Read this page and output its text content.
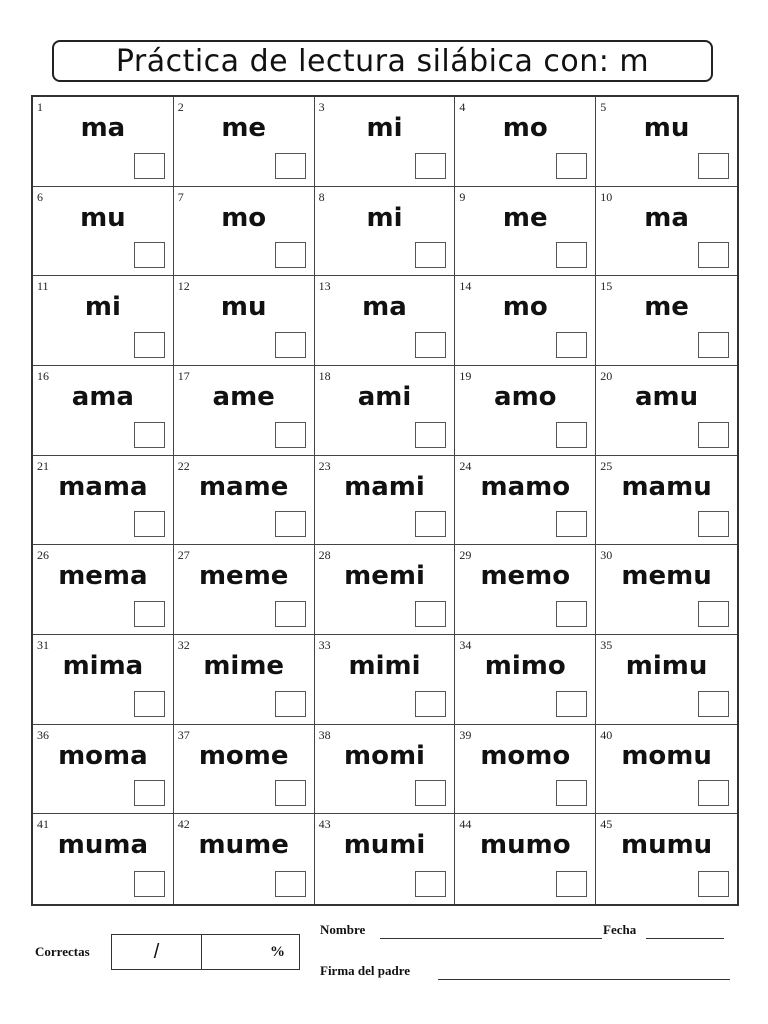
Práctica de lectura silábica con: m
1
ma
2
me
3
mi
4
mo
5
mu
6
mu
7
mo
8
mi
9
me
10
ma
11
mi
12
mu
13
ma
14
mo
15
me
16
ama
17
ame
18
ami
19
amo
20
amu
21
mama
22
mame
23
mami
24
mamo
25
mamu
26
mema
27
meme
28
memi
29
memo
30
memu
31
mima
32
mime
33
mimi
34
mimo
35
mimu
36
moma
37
mome
38
momi
39
momo
40
momu
41
muma
42
mume
43
mumi
44
mumo
45
mumu
Correctas	/	%
Nombre	Fecha
Firma del padre
